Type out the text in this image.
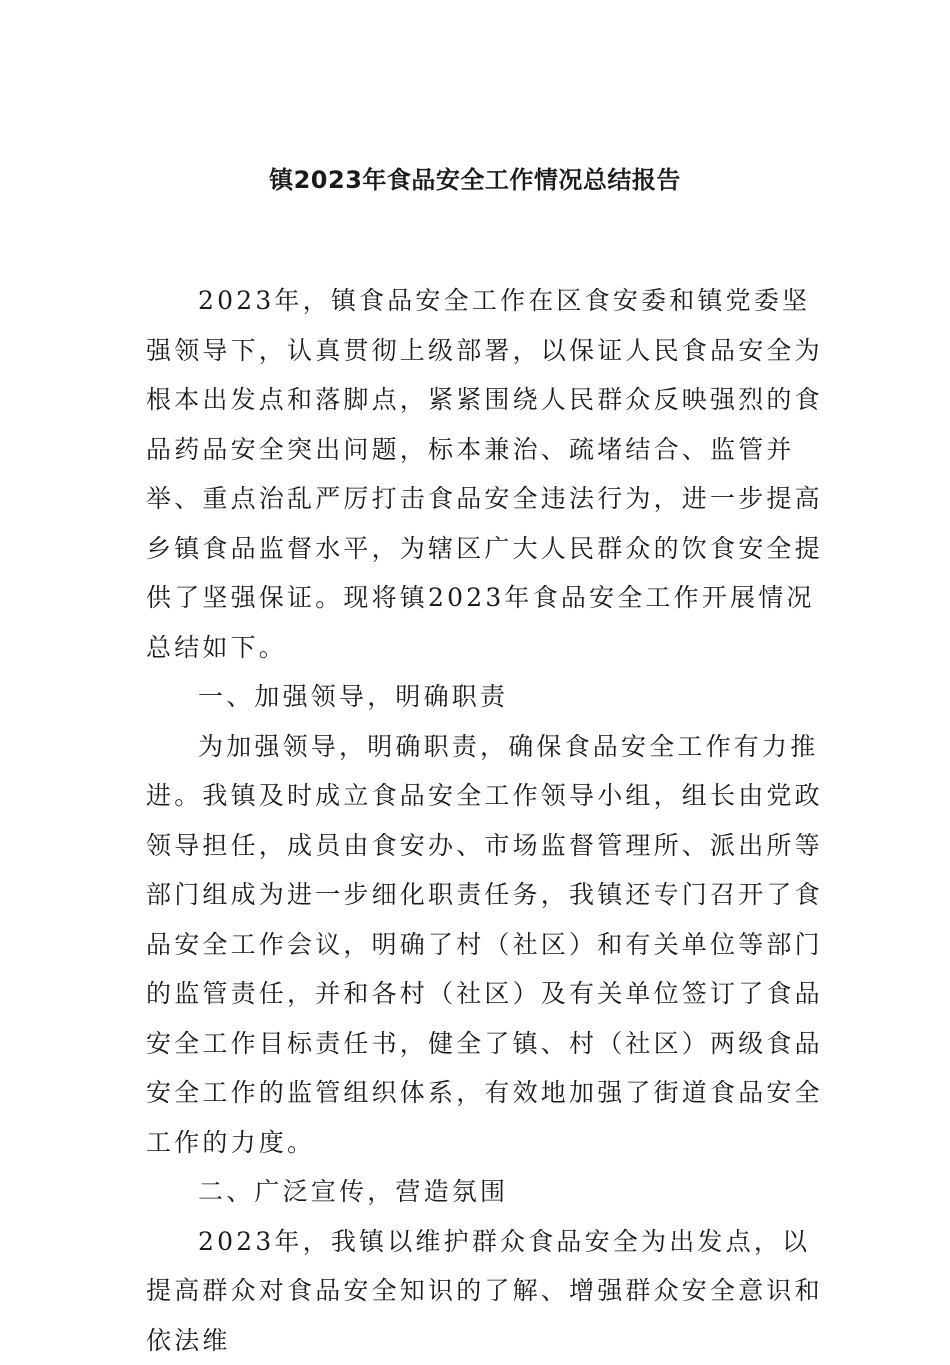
镇2023年食品安全工作情况总结报告

2023年，镇食品安全工作在区食安委和镇党委坚强领导下，认真贯彻上级部署，以保证人民食品安全为根本出发点和落脚点，紧紧围绕人民群众反映强烈的食品药品安全突出问题，标本兼治、疏堵结合、监管并举、重点治乱严厉打击食品安全违法行为，进一步提高乡镇食品监督水平，为辖区广大人民群众的饮食安全提供了坚强保证。现将镇2023年食品安全工作开展情况总结如下。

一、加强领导，明确职责

为加强领导，明确职责，确保食品安全工作有力推进。我镇及时成立食品安全工作领导小组，组长由党政领导担任，成员由食安办、市场监督管理所、派出所等部门组成为进一步细化职责任务，我镇还专门召开了食品安全工作会议，明确了村（社区）和有关单位等部门的监管责任，并和各村（社区）及有关单位签订了食品安全工作目标责任书，健全了镇、村（社区）两级食品安全工作的监管组织体系，有效地加强了街道食品安全工作的力度。

二、广泛宣传，营造氛围

2023年，我镇以维护群众食品安全为出发点，以提高群众对食品安全知识的了解、增强群众安全意识和依法维
